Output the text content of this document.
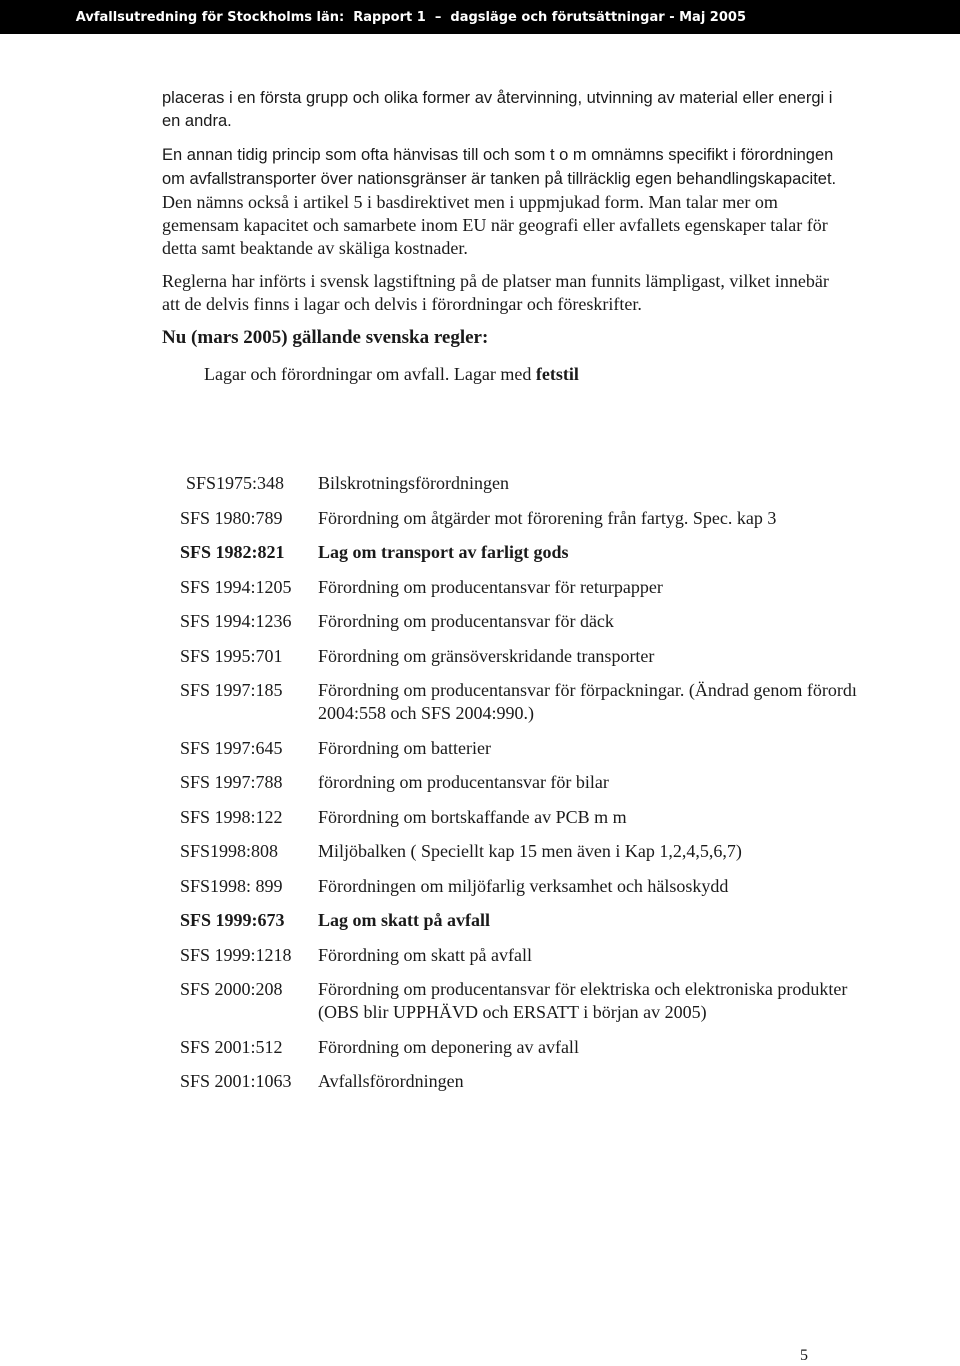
Avfallsutredning för Stockholms län:  Rapport 1  –  dagsläge och förutsättningar - Maj 2005

placeras i en första grupp och olika former av återvinning, utvinning av material eller energi i en andra.

En annan tidig princip som ofta hänvisas till och som t o m omnämns specifikt i förordningen om avfallstransporter över nationsgränser är tanken på tillräcklig egen behandlingskapacitet. Den nämns också i artikel 5 i basdirektivet men i uppmjukad form. Man talar mer om gemensam kapacitet och samarbete inom EU när geografi eller avfallets egenskaper talar för detta samt beaktande av skäliga kostnader.

Reglerna har införts i svensk lagstiftning på de platser man funnits lämpligast, vilket innebär att de delvis finns i lagar och delvis i förordningar och föreskrifter.

Nu (mars 2005) gällande svenska regler:
Lagar och förordningar om avfall. Lagar med fetstil
SFS1975:348	Bilskrotningsförordningen
SFS 1980:789	Förordning om åtgärder mot förorening från fartyg. Spec. kap 3
SFS 1982:821	Lag om transport av farligt gods
SFS 1994:1205	Förordning om producentansvar för returpapper
SFS 1994:1236	Förordning om producentansvar för däck
SFS 1995:701	Förordning om gränsöverskridande transporter
SFS 1997:185	Förordning om producentansvar för förpackningar. (Ändrad genom förordı
2004:558 och SFS 2004:990.)
SFS 1997:645	Förordning om batterier
SFS 1997:788	förordning om producentansvar för bilar
SFS 1998:122	Förordning om bortskaffande av PCB m m
SFS1998:808	Miljöbalken ( Speciellt kap 15 men även i Kap 1,2,4,5,6,7)
SFS1998: 899	Förordningen om miljöfarlig verksamhet och hälsoskydd
SFS 1999:673	Lag om skatt på avfall
SFS 1999:1218	Förordning om skatt på avfall
SFS 2000:208	Förordning om producentansvar för elektriska och elektroniska produkter
(OBS blir UPPHÄVD och ERSATT i början av 2005)
SFS 2001:512	Förordning om deponering av avfall
SFS 2001:1063	Avfallsförordningen
5
